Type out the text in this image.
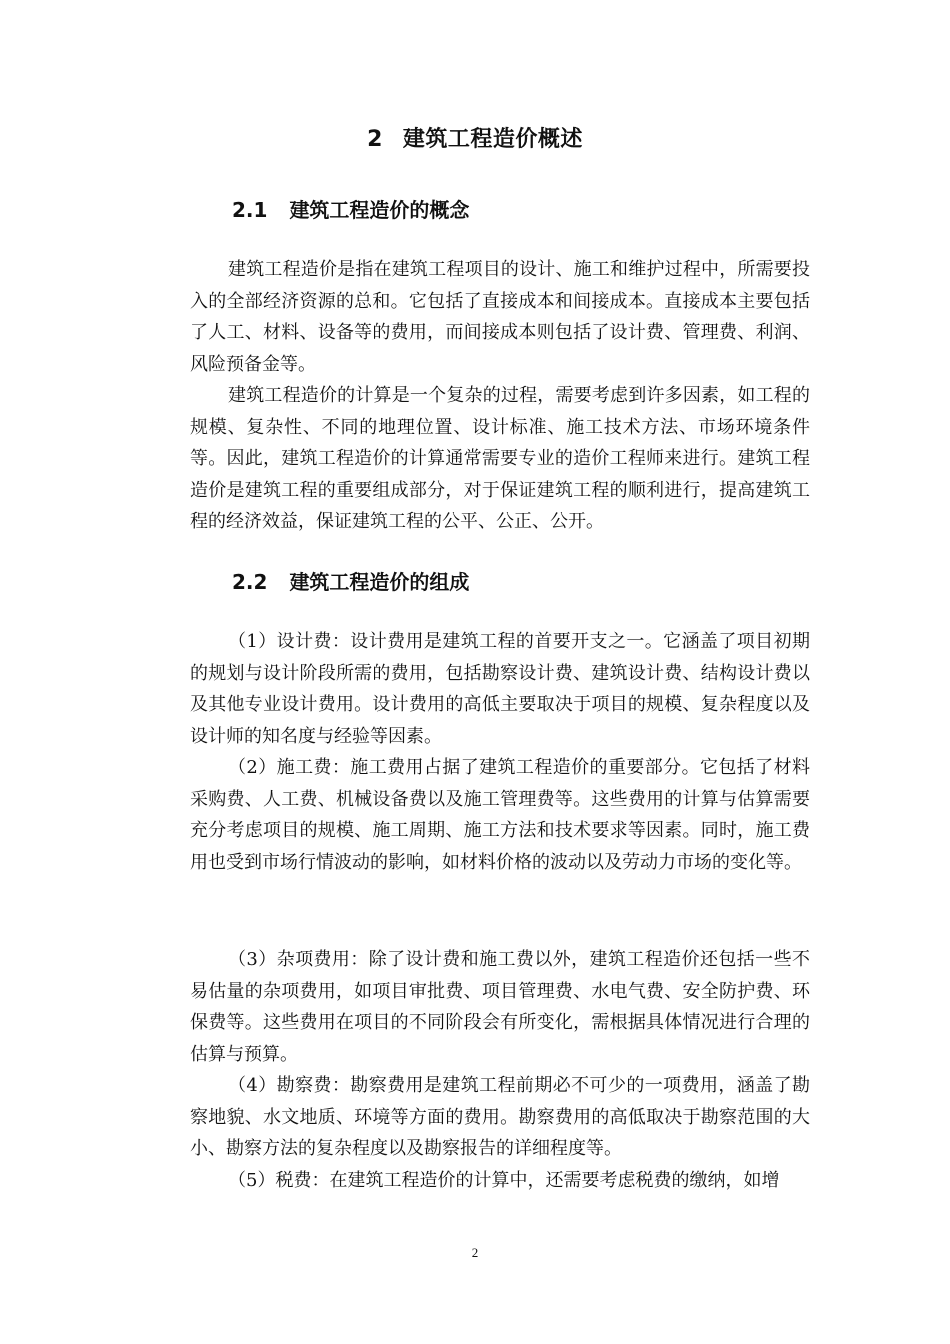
2 建筑工程造价概述
2.1 建筑工程造价的概念

建筑工程造价是指在建筑工程项目的设计、施工和维护过程中，所需要投入的全部经济资源的总和。它包括了直接成本和间接成本。直接成本主要包括了人工、材料、设备等的费用，而间接成本则包括了设计费、管理费、利润、风险预备金等。

建筑工程造价的计算是一个复杂的过程，需要考虑到许多因素，如工程的规模、复杂性、不同的地理位置、设计标准、施工技术方法、市场环境条件等。因此，建筑工程造价的计算通常需要专业的造价工程师来进行。建筑工程造价是建筑工程的重要组成部分，对于保证建筑工程的顺利进行，提高建筑工程的经济效益，保证建筑工程的公平、公正、公开。

2.2 建筑工程造价的组成

（1）设计费：设计费用是建筑工程的首要开支之一。它涵盖了项目初期的规划与设计阶段所需的费用，包括勘察设计费、建筑设计费、结构设计费以及其他专业设计费用。设计费用的高低主要取决于项目的规模、复杂程度以及设计师的知名度与经验等因素。

（2）施工费：施工费用占据了建筑工程造价的重要部分。它包括了材料采购费、人工费、机械设备费以及施工管理费等。这些费用的计算与估算需要充分考虑项目的规模、施工周期、施工方法和技术要求等因素。同时，施工费用也受到市场行情波动的影响，如材料价格的波动以及劳动力市场的变化等。

（3）杂项费用：除了设计费和施工费以外，建筑工程造价还包括一些不易估量的杂项费用，如项目审批费、项目管理费、水电气费、安全防护费、环保费等。这些费用在项目的不同阶段会有所变化，需根据具体情况进行合理的估算与预算。

（4）勘察费：勘察费用是建筑工程前期必不可少的一项费用，涵盖了勘察地貌、水文地质、环境等方面的费用。勘察费用的高低取决于勘察范围的大小、勘察方法的复杂程度以及勘察报告的详细程度等。

（5）税费：在建筑工程造价的计算中，还需要考虑税费的缴纳，如增

2
